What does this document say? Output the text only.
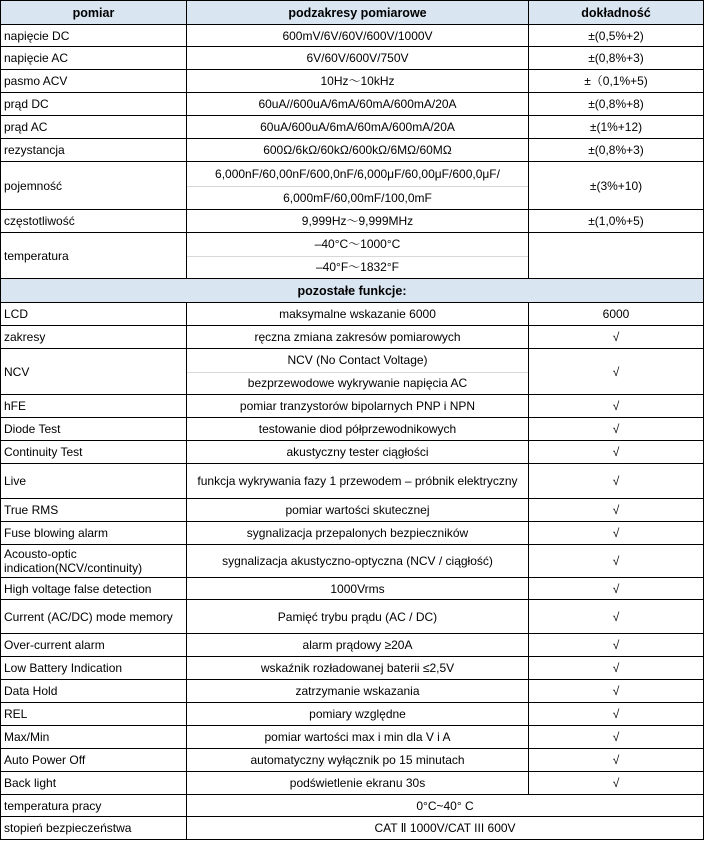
pomiar	podzakresy pomiarowe	dokładność
napięcie DC	600mV/6V/60V/600V/1000V	±(0,5%+2)
napięcie AC	6V/60V/600V/750V	±(0,8%+3)
pasmo ACV	10Hz～10kHz	±（0,1%+5)
prąd DC	60uA//600uA/6mA/60mA/600mA/20A	±(0,8%+8)
prąd AC	60uA/600uA/6mA/60mA/600mA/20A	±(1%+12)
rezystancja	600Ω/6kΩ/60kΩ/600kΩ/6MΩ/60MΩ	±(0,8%+3)
pojemność	6,000nF/60,00nF/600,0nF/6,000μF/60,00μF/600,0μF/
6,000mF/60,00mF/100,0mF	±(3%+10)
częstotliwość	9,999Hz～9,999MHz	±(1,0%+5)
temperatura	–40°C～1000°C
–40°F～1832°F	

pozostałe funkcje:		
LCD	maksymalne wskazanie 6000	6000
zakresy	ręczna zmiana zakresów pomiarowych	√
NCV	NCV (No Contact Voltage)
bezprzewodowe wykrywanie napięcia AC	√
hFE	pomiar tranzystorów bipolarnych PNP i NPN	√
Diode Test	testowanie diod półprzewodnikowych	√
Continuity Test	akustyczny tester ciągłości	√
Live	funkcja wykrywania fazy 1 przewodem – próbnik elektryczny	√
True RMS	pomiar wartości skutecznej	√
Fuse blowing alarm	sygnalizacja przepalonych bezpieczników	√
Acousto-optic indication(NCV/continuity)	sygnalizacja akustyczno-optyczna (NCV / ciągłość)	√
High voltage false detection	1000Vrms	√
Current (AC/DC) mode memory	Pamięć trybu prądu (AC / DC)	√
Over-current alarm	alarm prądowy ≥20A	√
Low Battery Indication	wskaźnik rozładowanej baterii ≤2,5V	√
Data Hold	zatrzymanie wskazania	√
REL	pomiary względne	√
Max/Min	pomiar wartości max i min dla V i A	√
Auto Power Off	automatyczny wyłącznik po 15 minutach	√
Back light	podświetlenie ekranu 30s	√
temperatura pracy	0°C~40° C	
stopień bezpieczeństwa	CAT Ⅱ 1000V/CAT III 600V	
